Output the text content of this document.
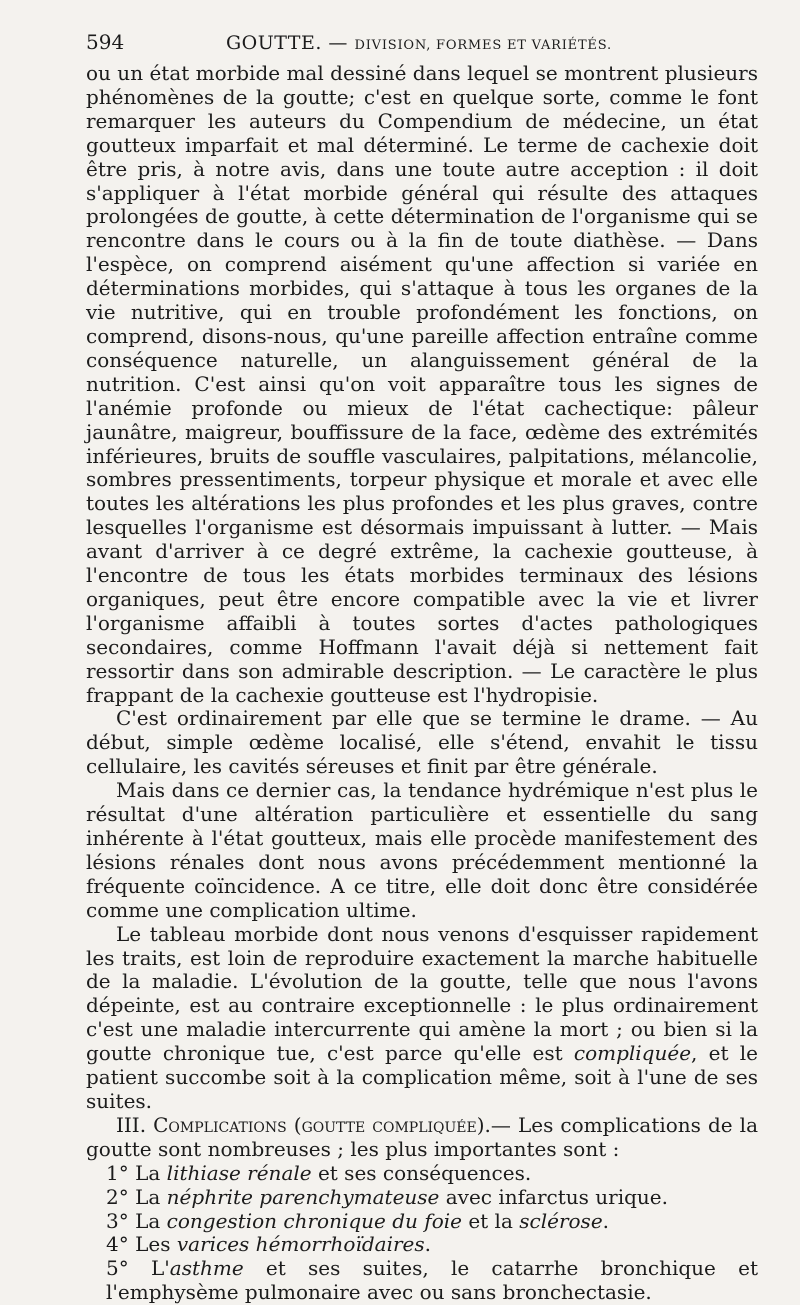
594	GOUTTE. — DIVISION, FORMES ET VARIÉTÉS.

ou un état morbide mal dessiné dans lequel se montrent plusieurs phénomènes de la goutte; c'est en quelque sorte, comme le font remarquer les auteurs du Compendium de médecine, un état goutteux imparfait et mal déterminé. Le terme de cachexie doit être pris, à notre avis, dans une toute autre acception : il doit s'appliquer à l'état morbide général qui résulte des attaques prolongées de goutte, à cette détermination de l'organisme qui se rencontre dans le cours ou à la fin de toute diathèse. — Dans l'espèce, on comprend aisément qu'une affection si variée en déterminations morbides, qui s'attaque à tous les organes de la vie nutritive, qui en trouble profondément les fonctions, on comprend, disons-nous, qu'une pareille affection entraîne comme conséquence naturelle, un alanguissement général de la nutrition. C'est ainsi qu'on voit apparaître tous les signes de l'anémie profonde ou mieux de l'état cachectique: pâleur jaunâtre, maigreur, bouffissure de la face, œdème des extrémités inférieures, bruits de souffle vasculaires, palpitations, mélancolie, sombres pressentiments, torpeur physique et morale et avec elle toutes les altérations les plus profondes et les plus graves, contre lesquelles l'organisme est désormais impuissant à lutter. — Mais avant d'arriver à ce degré extrême, la cachexie goutteuse, à l'encontre de tous les états morbides terminaux des lésions organiques, peut être encore compatible avec la vie et livrer l'organisme affaibli à toutes sortes d'actes pathologiques secondaires, comme Hoffmann l'avait déjà si nettement fait ressortir dans son admirable description. — Le caractère le plus frappant de la cachexie goutteuse est l'hydropisie.

C'est ordinairement par elle que se termine le drame. — Au début, simple œdème localisé, elle s'étend, envahit le tissu cellulaire, les cavités séreuses et finit par être générale.

Mais dans ce dernier cas, la tendance hydrémique n'est plus le résultat d'une altération particulière et essentielle du sang inhérente à l'état goutteux, mais elle procède manifestement des lésions rénales dont nous avons précédemment mentionné la fréquente coïncidence. A ce titre, elle doit donc être considérée comme une complication ultime.

Le tableau morbide dont nous venons d'esquisser rapidement les traits, est loin de reproduire exactement la marche habituelle de la maladie. L'évolution de la goutte, telle que nous l'avons dépeinte, est au contraire exceptionnelle : le plus ordinairement c'est une maladie intercurrente qui amène la mort ; ou bien si la goutte chronique tue, c'est parce qu'elle est compliquée, et le patient succombe soit à la complication même, soit à l'une de ses suites.

III. Complications (goutte compliquée).— Les complications de la goutte sont nombreuses ; les plus importantes sont :

1° La lithiase rénale et ses conséquences.

2° La néphrite parenchymateuse avec infarctus urique.

3° La congestion chronique du foie et la sclérose.

4° Les varices hémorrhoïdaires.

5° L'asthme et ses suites, le catarrhe bronchique et l'emphysème pulmonaire avec ou sans bronchectasie.
